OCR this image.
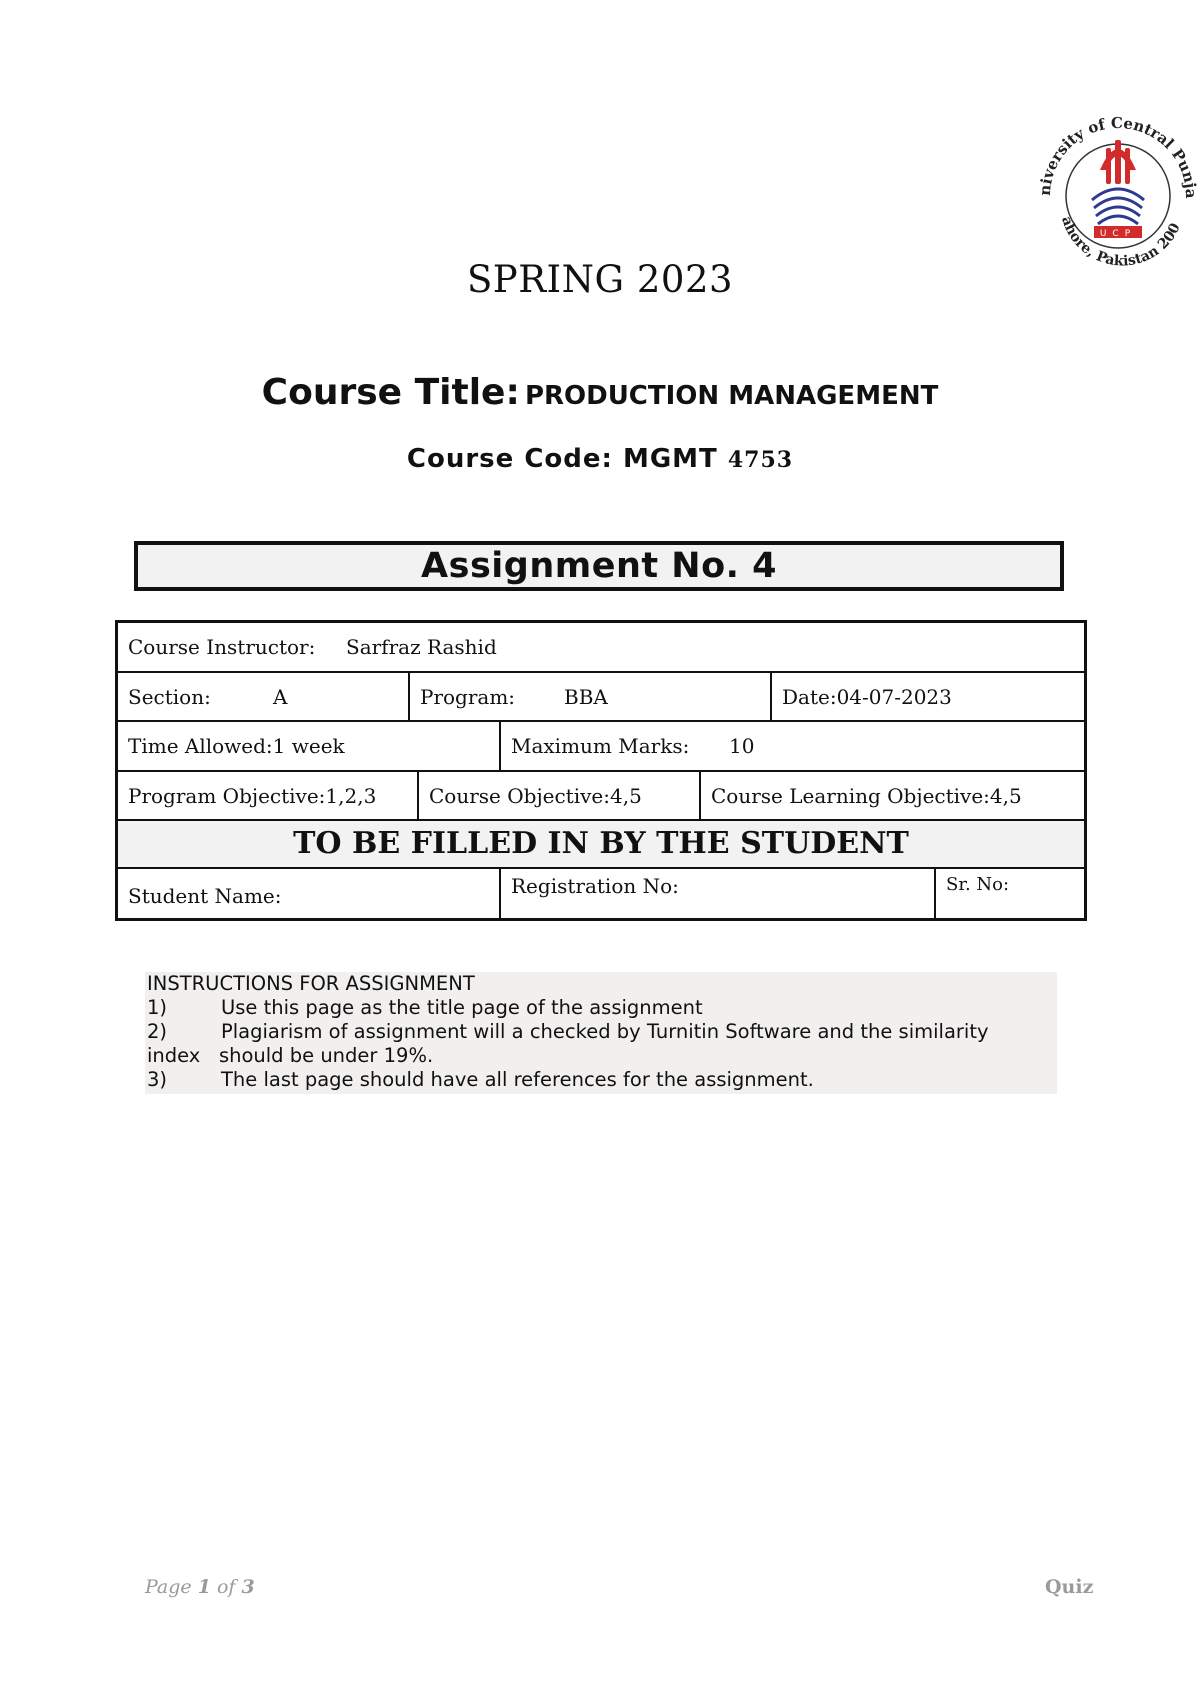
niversity of Central Punja
ahore, Pakistan 200
UCP
SPRING 2023
Course Title: PRODUCTION MANAGEMENT
Course Code: MGMT 4753
Assignment No. 4
Course Instructor: Sarfraz Rashid
Section:	A	Program: BBA	Date:04-07-2023
Time Allowed:1 week	Maximum Marks: 10
Program Objective:1,2,3	Course Objective:4,5	Course Learning Objective:4,5
TO BE FILLED IN BY THE STUDENT
Student Name:	Registration No:	Sr. No:
INSTRUCTIONS FOR ASSIGNMENT
1)	Use this page as the title page of the assignment
2)	Plagiarism of assignment will a checked by Turnitin Software and the similarity
index   should be under 19%.
3)	The last page should have all references for the assignment.
Page 1 of 3	Quiz
